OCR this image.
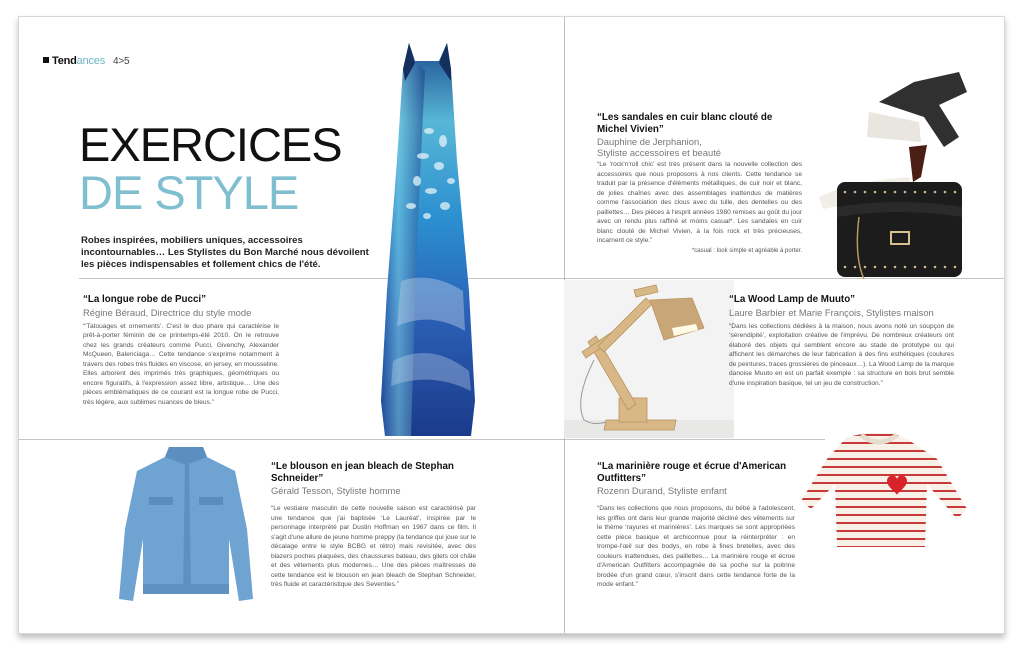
Tendances 4>5
EXERCICES
DE STYLE
Robes inspirées, mobiliers uniques, accessoires incontournables… Les Stylistes du Bon Marché nous dévoilent les pièces indispensables et follement chics de l'été.
“La longue robe de Pucci”
Régine Béraud, Directrice du style mode

“‘Tatouages et ornements’. C'est le duo phare qui caractérise le prêt-à-porter féminin de ce printemps-été 2010. On le retrouve chez les grands créateurs comme Pucci, Givenchy, Alexander McQueen, Balenciaga… Cette tendance s'exprime notamment à travers des robes très fluides en viscose, en jersey, en mousseline. Elles arborent des imprimés très graphiques, géométriques ou encore figuratifs, à l'expression assez libre, artistique… Une des pièces emblématiques de ce courant est la longue robe de Pucci, très légère, aux sublimes nuances de bleus.”

“Les sandales en cuir blanc clouté de Michel Vivien”
Dauphine de Jerphanion,
Styliste accessoires et beauté

“Le ‘rock'n'roll chic’ est très présent dans la nouvelle collection des accessoires que nous proposons à nos clients. Cette tendance se traduit par la présence d'éléments métalliques, de cuir noir et blanc, de jolies chaînes avec des assemblages inattendus de matières comme l'association des clous avec du tulle, des dentelles ou des paillettes… Des pièces à l'esprit années 1980 remises au goût du jour avec un rendu plus raffiné et moins casual*. Les sandales en cuir blanc clouté de Michel Vivien, à la fois rock et très précieuses, incarnent ce style.”

*casual : look simple et agréable à porter.
“La Wood Lamp de Muuto”
Laure Barbier et Marie François, Stylistes maison

“Dans les collections dédiées à la maison, nous avons noté un soupçon de ‘sérendipité’, exploitation créative de l'imprévu. De nombreux créateurs ont élaboré des objets qui semblent encore au stade de prototype ou qui affichent les démarches de leur fabrication à des fins esthétiques (coulures de peintures, traces grossières de pinceaux…). La Wood Lamp de la marque danoise Muuto en est un parfait exemple : sa structure en bois brut semble d'une inspiration basique, tel un jeu de construction.”

“Le blouson en jean bleach de Stephan Schneider”
Gérald Tesson, Styliste homme

“Le vestiaire masculin de cette nouvelle saison est caractérisé par une tendance que j'ai baptisée ‘Le Lauréat’, inspirée par le personnage interprété par Dustin Hoffman en 1967 dans ce film. Il s'agit d'une allure de jeune homme preppy (la tendance qui joue sur le décalage entre le style BCBG et rétro) mais revisitée, avec des blazers poches plaquées, des chaussures bateau, des gilets col châle et des vêtements plus modernes… Une des pièces maîtresses de cette tendance est le blouson en jean bleach de Stephan Schneider, très fluide et caractéristique des Seventies.”

“La marinière rouge et écrue d'American Outfitters”
Rozenn Durand, Styliste enfant

“Dans les collections que nous proposons, du bébé à l'adolescent, les griffes ont dans leur grande majorité décliné des vêtements sur le thème ‘rayures et marinières’. Les marques se sont appropriées cette pièce basique et archiconnue pour la réinterpréter : en trompe-l'œil sur des bodys, en robe à fines bretelles, avec des couleurs inattendues, des paillettes… La marinière rouge et écrue d'American Outfitters accompagnée de sa poche sur la poitrine brodée d'un grand cœur, s'inscrit dans cette tendance forte de la mode enfant.”
